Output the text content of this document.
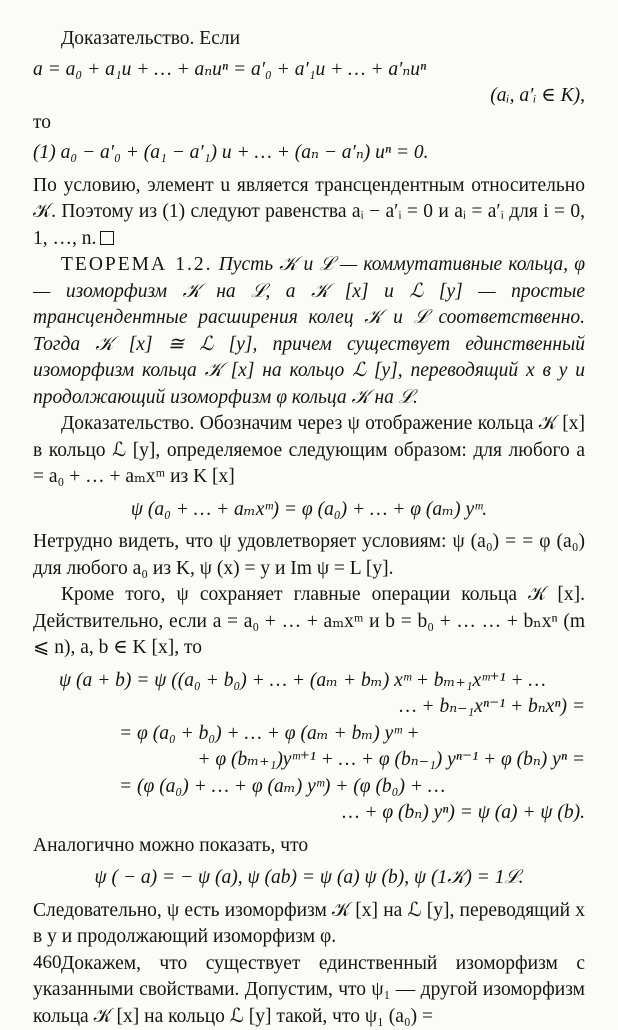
Доказательство. Если

a = a₀ + a₁u + … + aₙuⁿ = a′₀ + a′₁u + … + a′ₙuⁿ

(aᵢ, a′ᵢ ∈ K),

то

(1) a₀ − a′₀ + (a₁ − a′₁) u + … + (aₙ − a′ₙ) uⁿ = 0.

По условию, элемент u является трансцендентным относительно 𝒦. Поэтому из (1) следуют равенства aᵢ − a′ᵢ = 0 и aᵢ = a′ᵢ для i = 0, 1, …, n.

ТЕОРЕМА 1.2. Пусть 𝒦 и ℒ — коммутативные кольца, φ — изоморфизм 𝒦 на ℒ, а 𝒦 [x] и ℒ [y] — простые трансцендентные расширения колец 𝒦 и ℒ соответственно. Тогда 𝒦 [x] ≅ ℒ [y], причем существует единственный изоморфизм кольца 𝒦 [x] на кольцо ℒ [y], переводящий x в y и продолжающий изоморфизм φ кольца 𝒦 на ℒ.

Доказательство. Обозначим через ψ отображение кольца 𝒦 [x] в кольцо ℒ [y], определяемое следующим образом: для любого a = a₀ + … + aₘxᵐ из K [x]

ψ (a₀ + … + aₘxᵐ) = φ (a₀) + … + φ (aₘ) yᵐ.

Нетрудно видеть, что ψ удовлетворяет условиям: ψ (a₀) = = φ (a₀) для любого a₀ из K, ψ (x) = y и Im ψ = L [y].

Кроме того, ψ сохраняет главные операции кольца 𝒦 [x]. Действительно, если a = a₀ + … + aₘxᵐ и b = b₀ + … … + bₙxⁿ (m ⩽ n), a, b ∈ K [x], то

ψ (a + b) = ψ ((a₀ + b₀) + … + (aₘ + bₘ) xᵐ + bₘ₊₁xᵐ⁺¹ + …

… + bₙ₋₁xⁿ⁻¹ + bₙxⁿ) =

= φ (a₀ + b₀) + … + φ (aₘ + bₘ) yᵐ +

+ φ (bₘ₊₁)yᵐ⁺¹ + … + φ (bₙ₋₁) yⁿ⁻¹ + φ (bₙ) yⁿ =

= (φ (a₀) + … + φ (aₘ) yᵐ) + (φ (b₀) + …

… + φ (bₙ) yⁿ) = ψ (a) + ψ (b).

Аналогично можно показать, что

ψ ( − a) = − ψ (a), ψ (ab) = ψ (a) ψ (b), ψ (1𝒦) = 1ℒ.

Следовательно, ψ есть изоморфизм 𝒦 [x] на ℒ [y], переводящий x в y и продолжающий изоморфизм φ.

Докажем, что существует единственный изоморфизм с указанными свойствами. Допустим, что ψ₁ — другой изоморфизм кольца 𝒦 [x] на кольцо ℒ [y] такой, что ψ₁ (a₀) =

460
